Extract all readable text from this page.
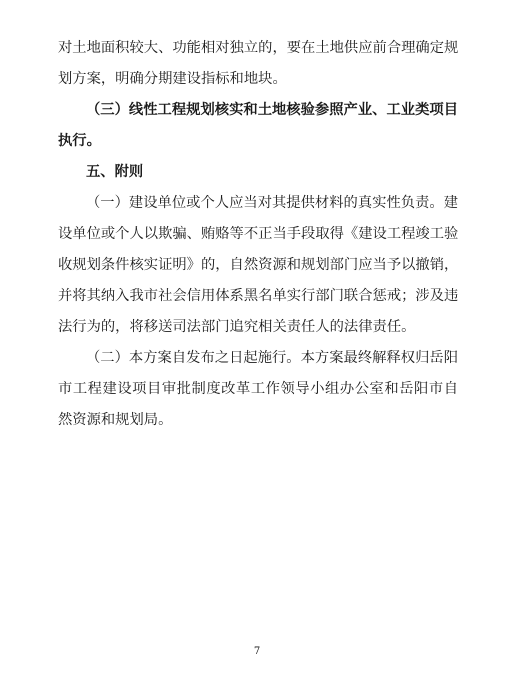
对土地面积较大、功能相对独立的，要在土地供应前合理确定规
划方案，明确分期建设指标和地块。
（三）线性工程规划核实和土地核验参照产业、工业类项目
执行。
五、附则
（一）建设单位或个人应当对其提供材料的真实性负责。建
设单位或个人以欺骗、贿赂等不正当手段取得《建设工程竣工验
收规划条件核实证明》的，自然资源和规划部门应当予以撤销，
并将其纳入我市社会信用体系黑名单实行部门联合惩戒；涉及违
法行为的，将移送司法部门追究相关责任人的法律责任。
（二）本方案自发布之日起施行。本方案最终解释权归岳阳
市工程建设项目审批制度改革工作领导小组办公室和岳阳市自
然资源和规划局。
7
